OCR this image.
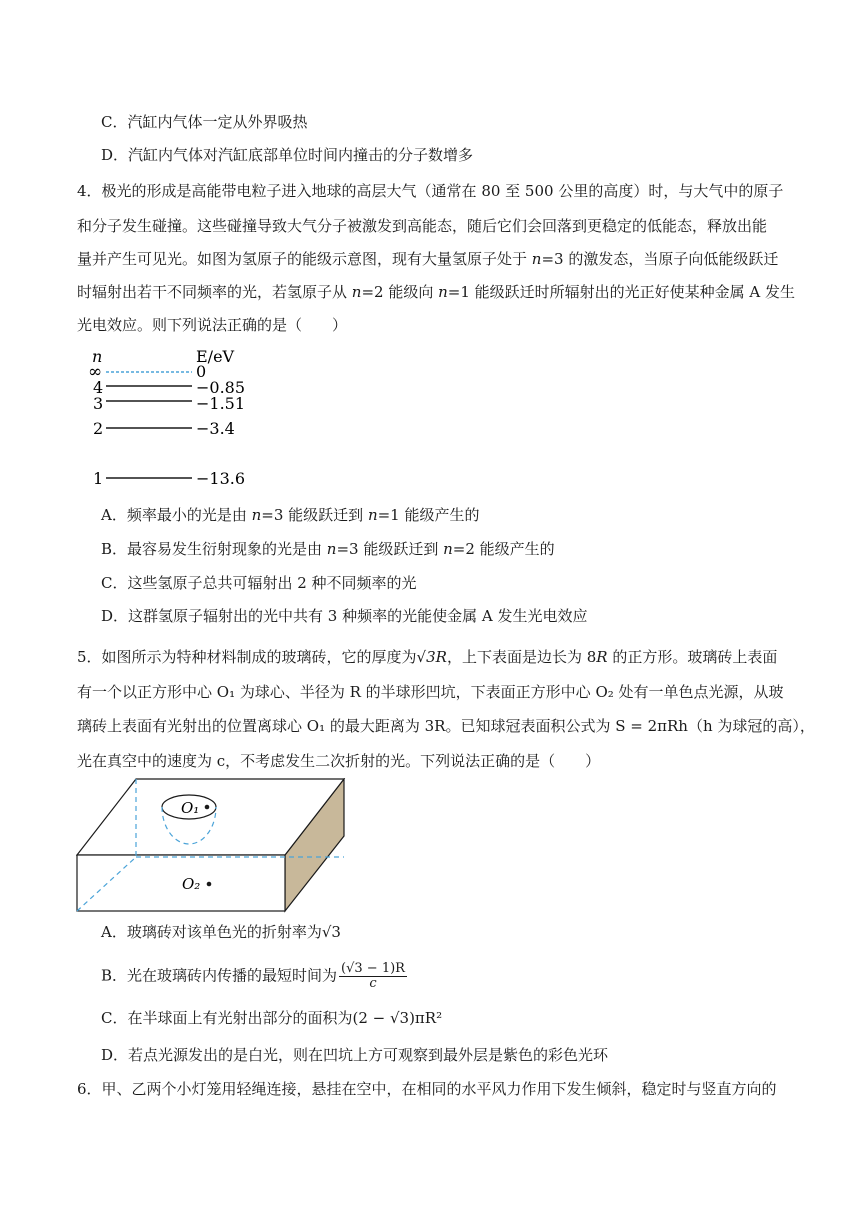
C．汽缸内气体一定从外界吸热
D．汽缸内气体对汽缸底部单位时间内撞击的分子数增多
4．极光的形成是高能带电粒子进入地球的高层大气（通常在 80 至 500 公里的高度）时，与大气中的原子
和分子发生碰撞。这些碰撞导致大气分子被激发到高能态，随后它们会回落到更稳定的低能态，释放出能
量并产生可见光。如图为氢原子的能级示意图，现有大量氢原子处于 n=3 的激发态，当原子向低能级跃迁
时辐射出若干不同频率的光，若氢原子从 n=2 能级向 n=1 能级跃迁时所辐射出的光正好使某种金属 A 发生
光电效应。则下列说法正确的是（　　）
n	E/eV
∞	0
4	−0.85
3	−1.51
2	−3.4
1	−13.6
A．频率最小的光是由 n=3 能级跃迁到 n=1 能级产生的
B．最容易发生衍射现象的光是由 n=3 能级跃迁到 n=2 能级产生的
C．这些氢原子总共可辐射出 2 种不同频率的光
D．这群氢原子辐射出的光中共有 3 种频率的光能使金属 A 发生光电效应
5．如图所示为特种材料制成的玻璃砖，它的厚度为√3R，上下表面是边长为 8R 的正方形。玻璃砖上表面
有一个以正方形中心 O₁ 为球心、半径为 R 的半球形凹坑，下表面正方形中心 O₂ 处有一单色点光源，从玻
璃砖上表面有光射出的位置离球心 O₁ 的最大距离为 3R。已知球冠表面积公式为 S = 2πRh（h 为球冠的高），
光在真空中的速度为 c，不考虑发生二次折射的光。下列说法正确的是（　　）
O₁
O₂
A．玻璃砖对该单色光的折射率为√3
B．光在玻璃砖内传播的最短时间为 $\frac{(√3 - 1)R}{c}$
C．在半球面上有光射出部分的面积为(2 − √3)πR²
D．若点光源发出的是白光，则在凹坑上方可观察到最外层是紫色的彩色光环
6．甲、乙两个小灯笼用轻绳连接，悬挂在空中，在相同的水平风力作用下发生倾斜，稳定时与竖直方向的
